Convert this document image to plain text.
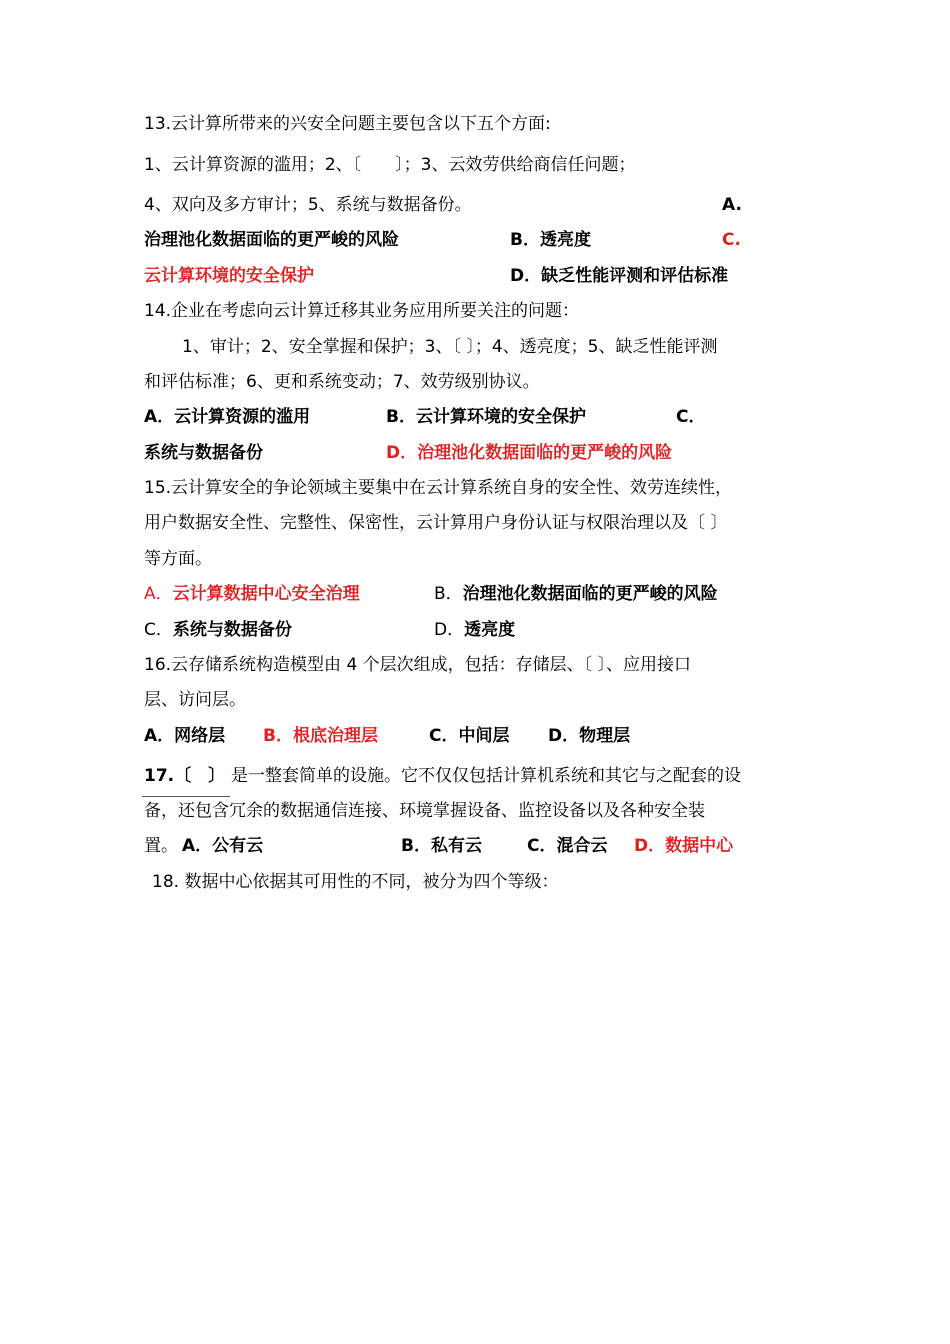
13.云计算所带来的兴安全问题主要包含以下五个方面:
1、云计算资源的滥用；2、〔　　〕；3、云效劳供给商信任问题；
4、双向及多方审计；5、系统与数据备份。	A.
治理池化数据面临的更严峻的风险	B．透亮度	C.
云计算环境的安全保护	D．缺乏性能评测和评估标准
14.企业在考虑向云计算迁移其业务应用所要关注的问题：
1、审计；2、安全掌握和保护；3、〔 〕；4、透亮度；5、缺乏性能评测
和评估标准；6、更和系统变动；7、效劳级别协议。
A．云计算资源的滥用	B．云计算环境的安全保护	C．
系统与数据备份	D．治理池化数据面临的更严峻的风险
15.云计算安全的争论领域主要集中在云计算系统自身的安全性、效劳连续性，
用户数据安全性、完整性、保密性，云计算用户身份认证与权限治理以及〔 〕
等方面。
A．云计算数据中心安全治理	B．治理池化数据面临的更严峻的风险
C．系统与数据备份	D．透亮度
16.云存储系统构造模型由 4 个层次组成，包括：存储层、〔 〕、应用接口
层、访问层。
A．网络层 B．根底治理层	C．中间层 D．物理层
17.〔　〕 是一整套简单的设施。它不仅仅包括计算机系统和其它与之配套的设
备，还包含冗余的数据通信连接、环境掌握设备、监控设备以及各种安全装
置。 A．公有云	B．私有云	C．混合云 D．数据中心
18. 数据中心依据其可用性的不同，被分为四个等级：
